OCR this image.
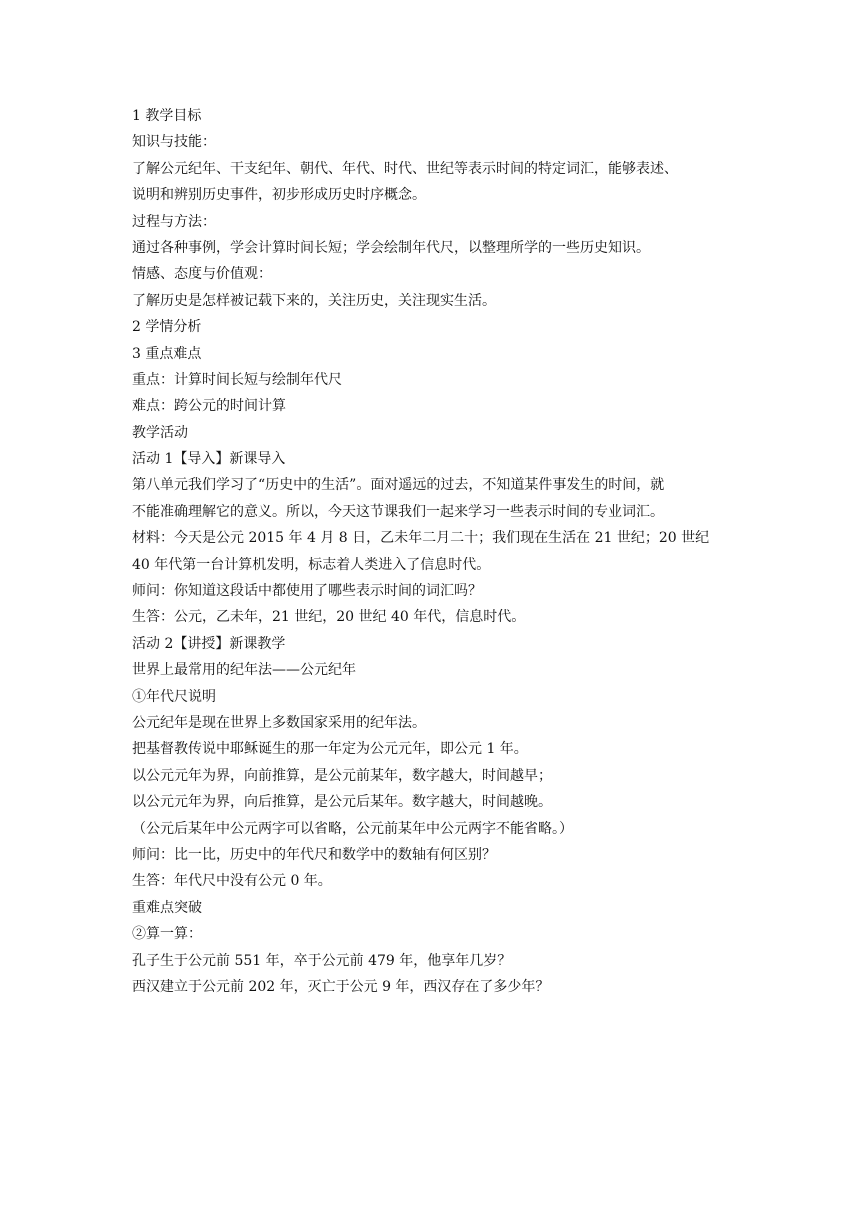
1 教学目标
知识与技能：
了解公元纪年、干支纪年、朝代、年代、时代、世纪等表示时间的特定词汇，能够表述、
说明和辨别历史事件，初步形成历史时序概念。
过程与方法：
通过各种事例，学会计算时间长短；学会绘制年代尺，以整理所学的一些历史知识。
情感、态度与价值观：
了解历史是怎样被记载下来的，关注历史，关注现实生活。
2 学情分析
3 重点难点
重点：计算时间长短与绘制年代尺
难点：跨公元的时间计算
教学活动
活动 1【导入】新课导入
第八单元我们学习了“历史中的生活”。面对遥远的过去，不知道某件事发生的时间，就
不能准确理解它的意义。所以，今天这节课我们一起来学习一些表示时间的专业词汇。
材料：今天是公元 2015 年 4 月 8 日，乙未年二月二十；我们现在生活在 21 世纪；20 世纪
40 年代第一台计算机发明，标志着人类进入了信息时代。
师问：你知道这段话中都使用了哪些表示时间的词汇吗？
生答：公元，乙未年，21 世纪，20 世纪 40 年代，信息时代。
活动 2【讲授】新课教学
世界上最常用的纪年法——公元纪年
①年代尺说明
公元纪年是现在世界上多数国家采用的纪年法。
把基督教传说中耶稣诞生的那一年定为公元元年，即公元 1 年。
以公元元年为界，向前推算，是公元前某年，数字越大，时间越早；
以公元元年为界，向后推算，是公元后某年。数字越大，时间越晚。
（公元后某年中公元两字可以省略，公元前某年中公元两字不能省略。）
师问：比一比，历史中的年代尺和数学中的数轴有何区别？
生答：年代尺中没有公元 0 年。
重难点突破
②算一算：
孔子生于公元前 551 年，卒于公元前 479 年，他享年几岁？
西汉建立于公元前 202 年，灭亡于公元 9 年，西汉存在了多少年？
